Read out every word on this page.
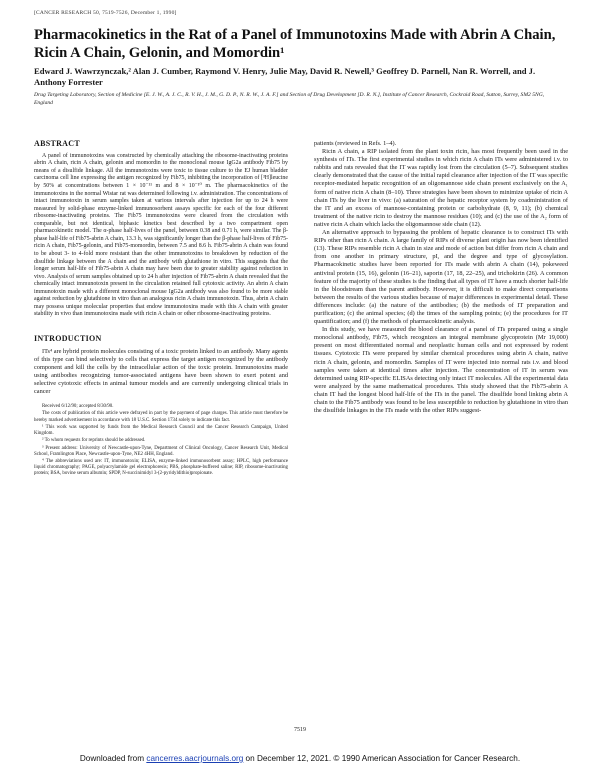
[CANCER RESEARCH 50, 7519-7526, December 1, 1990]
Pharmacokinetics in the Rat of a Panel of Immunotoxins Made with Abrin A Chain, Ricin A Chain, Gelonin, and Momordin¹
Edward J. Wawrzynczak,² Alan J. Cumber, Raymond V. Henry, Julie May, David R. Newell,³ Geoffrey D. Parnell, Nan R. Worrell, and J. Anthony Forrester
Drug Targeting Laboratory, Section of Medicine [E. J. W., A. J. C., R. V. H., J. M., G. D. P., N. R. W., J. A. F.] and Section of Drug Development [D. R. N.], Institute of Cancer Research, Cockraid Road, Sutton, Surrey, SM2 5NG, England
ABSTRACT

A panel of immunotoxins was constructed by chemically attaching the ribosome-inactivating proteins abrin A chain, ricin A chain, gelonin and momordin to the monoclonal mouse IgG2a antibody Fib75 by means of a disulfide linkage. All the immunotoxins were toxic to tissue culture to the EJ human bladder carcinoma cell line expressing the antigen recognized by Fib75, inhibiting the incorporation of [³H]leucine by 50% at concentrations between 1 × 10⁻¹¹ m and 8 × 10⁻¹⁰ m. The pharmacokinetics of the immunotoxins in the normal Wistar rat was determined following i.v. administration. The concentrations of intact immunotoxin in serum samples taken at various intervals after injection for up to 24 h were measured by solid-phase enzyme-linked immunosorbent assays specific for each of the four different ribosome-inactivating proteins. The Fib75 immunotoxins were cleared from the circulation with comparable, but not identical, biphasic kinetics best described by a two compartment open pharmacokinetic model. The α-phase half-lives of the panel, between 0.38 and 0.71 h, were similar. The β-phase half-life of Fib75-abrin A chain, 13.3 h, was significantly longer than the β-phase half-lives of Fib75-ricin A chain, Fib75-gelonin, and Fib75-momordin, between 7.5 and 8.6 h. Fib75-abrin A chain was found to be about 3- to 4-fold more resistant than the other immunotoxins to breakdown by reduction of the disulfide linkage between the A chain and the antibody with glutathione in vitro. This suggests that the longer serum half-life of Fib75-abrin A chain may have been due to greater stability against reduction in vivo. Analysis of serum samples obtained up to 24 h after injection of Fib75-abrin A chain revealed that the chemically intact immunotoxin present in the circulation retained full cytotoxic activity. An abrin A chain immunotoxin made with a different monoclonal mouse IgG2a antibody was also found to be more stable against reduction by glutathione in vitro than an analogous ricin A chain immunotoxin. Thus, abrin A chain may possess unique molecular properties that endow immunotoxins made with this A chain with greater stability in vivo than immunotoxins made with ricin A chain or other ribosome-inactivating proteins.

INTRODUCTION

ITs⁴ are hybrid protein molecules consisting of a toxic protein linked to an antibody. Many agents of this type can bind selectively to cells that express the target antigen recognized by the antibody component and kill the cells by the intracellular action of the toxic protein. Immunotoxins made using antibodies recognizing tumor-associated antigens have been shown to exert potent and selective cytotoxic effects in animal tumour models and are currently undergoing clinical trials in cancer

Received 6/12/90; accepted 8/30/90.

The costs of publication of this article were defrayed in part by the payment of page charges. This article must therefore be hereby marked advertisement in accordance with 18 U.S.C. Section 1734 solely to indicate this fact.

¹ This work was supported by funds from the Medical Research Council and the Cancer Research Campaign, United Kingdom.

² To whom requests for reprints should be addressed.

³ Present address: University of Newcastle-upon-Tyne, Department of Clinical Oncology, Cancer Research Unit, Medical School, Framlington Place, Newcastle-upon-Tyne, NE2 4HH, England.

⁴ The abbreviations used are: IT, immunotoxin; ELISA, enzyme-linked immunosorbent assay; HPLC, high performance liquid chromatography; PAGE, polyacrylamide gel electrophoresis; PBS, phosphate-buffered saline; RIP, ribosome-inactivating protein; BSA, bovine serum albumin; SPDP, N-succinimidyl 3-(2-pyridyldithio)propionate.

patients (reviewed in Refs. 1–4).

Ricin A chain, a RIP isolated from the plant toxin ricin, has most frequently been used in the synthesis of ITs. The first experimental studies in which ricin A chain ITs were administered i.v. to rabbits and rats revealed that the IT was rapidly lost from the circulation (5–7). Subsequent studies clearly demonstrated that the cause of the initial rapid clearance after injection of the IT was specific receptor-mediated hepatic recognition of an oligomannose side chain present exclusively on the A₁ form of native ricin A chain (8–10). Three strategies have been shown to minimize uptake of ricin A chain ITs by the liver in vivo: (a) saturation of the hepatic receptor system by coadministration of the IT and an excess of mannose-containing protein or carbohydrate (8, 9, 11); (b) chemical treatment of the native ricin to destroy the mannose residues (10); and (c) the use of the A₂ form of native ricin A chain which lacks the oligomannose side chain (12).

An alternative approach to bypassing the problem of hepatic clearance is to construct ITs with RIPs other than ricin A chain. A large family of RIPs of diverse plant origin has now been identified (13). These RIPs resemble ricin A chain in size and mode of action but differ from ricin A chain and from one another in primary structure, pI, and the degree and type of glycosylation. Pharmacokinetic studies have been reported for ITs made with abrin A chain (14), pokeweed antiviral protein (15, 16), gelonin (16–21), saporin (17, 18, 22–25), and trichokirin (26). A common feature of the majority of these studies is the finding that all types of IT have a much shorter half-life in the bloodstream than the parent antibody. However, it is difficult to make direct comparisons between the results of the various studies because of major differences in experimental detail. These differences include: (a) the nature of the antibodies; (b) the methods of IT preparation and purification; (c) the animal species; (d) the times of the sampling points; (e) the procedures for IT quantification; and (f) the methods of pharmacokinetic analysis.

In this study, we have measured the blood clearance of a panel of ITs prepared using a single monoclonal antibody, Fib75, which recognizes an integral membrane glycoprotein (Mr 19,000) present on most differentiated normal and neoplastic human cells and not expressed by rodent tissues. Cytotoxic ITs were prepared by similar chemical procedures using abrin A chain, native ricin A chain, gelonin, and momordin. Samples of IT were injected into normal rats i.v. and blood samples were taken at identical times after injection. The concentration of IT in serum was determined using RIP-specific ELISAs detecting only intact IT molecules. All the experimental data were analyzed by the same mathematical procedures. This study showed that the Fib75-abrin A chain IT had the longest blood half-life of the ITs in the panel. The disulfide bond linking abrin A chain to the Fib75 antibody was found to be less susceptible to reduction by glutathione in vitro than the disulfide linkages in the ITs made with the other RIPs suggest-

7519
Downloaded from cancerres.aacrjournals.org on December 12, 2021. © 1990 American Association for Cancer Research.
